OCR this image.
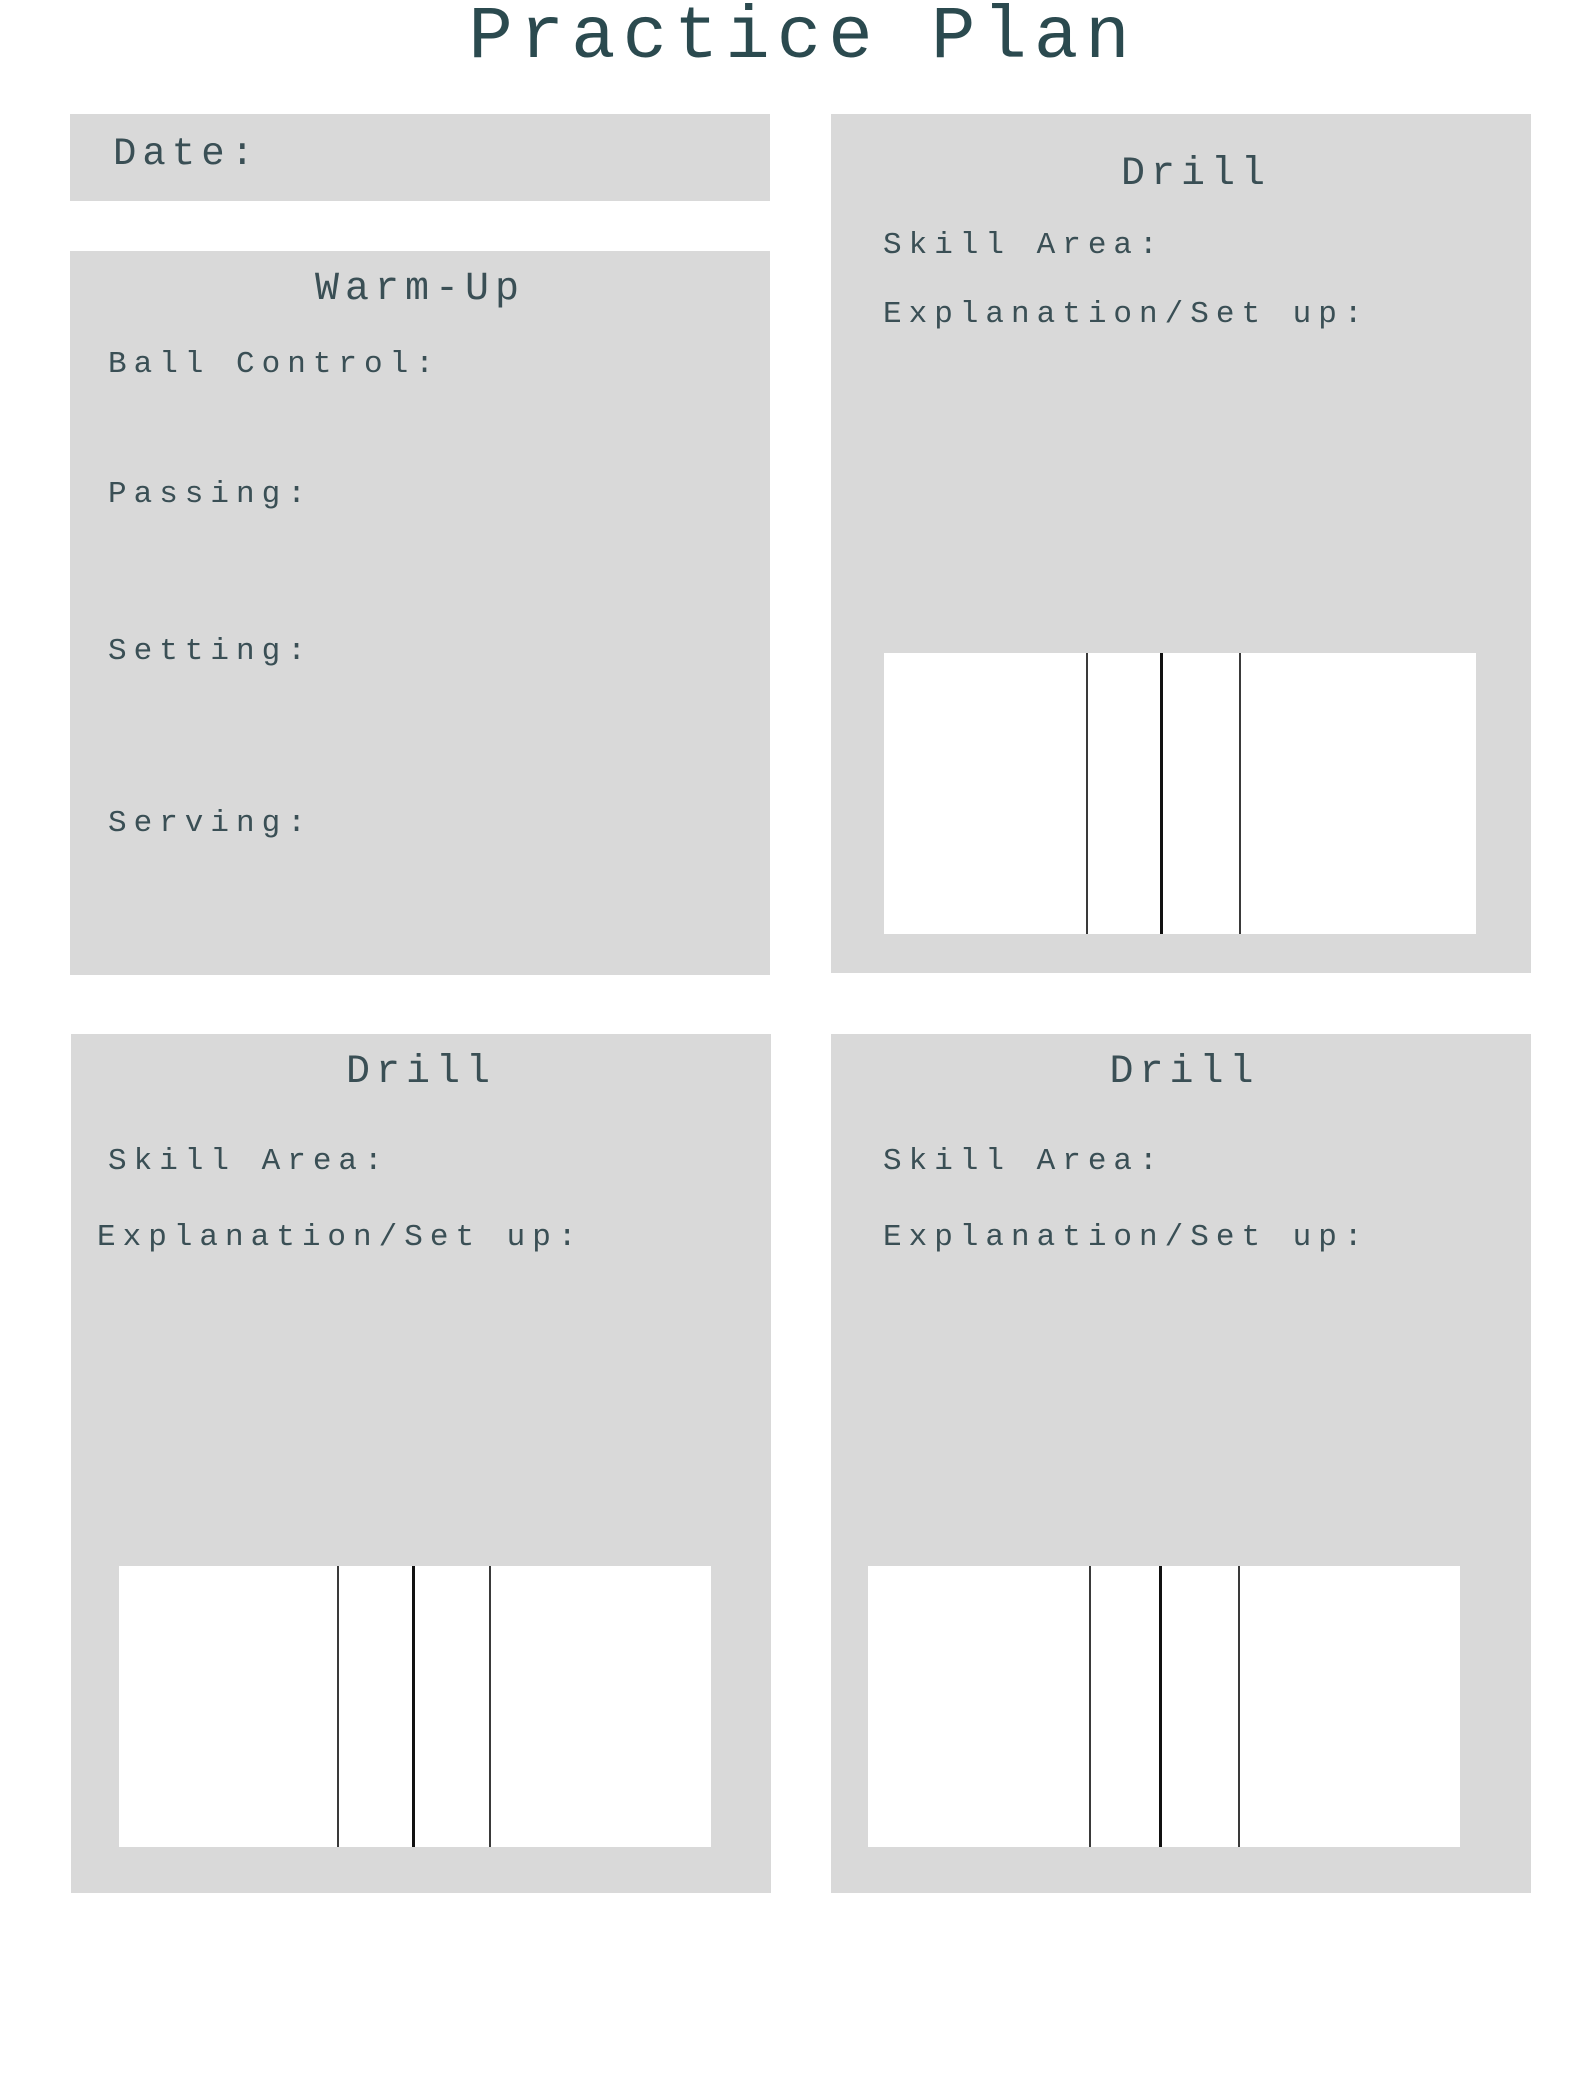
Practice Plan
Date:
Warm-Up
Ball Control:
Passing:
Setting:
Serving:
Drill
Skill Area:
Explanation/Set up:
Drill
Skill Area:
Explanation/Set up:
Drill
Skill Area:
Explanation/Set up:
